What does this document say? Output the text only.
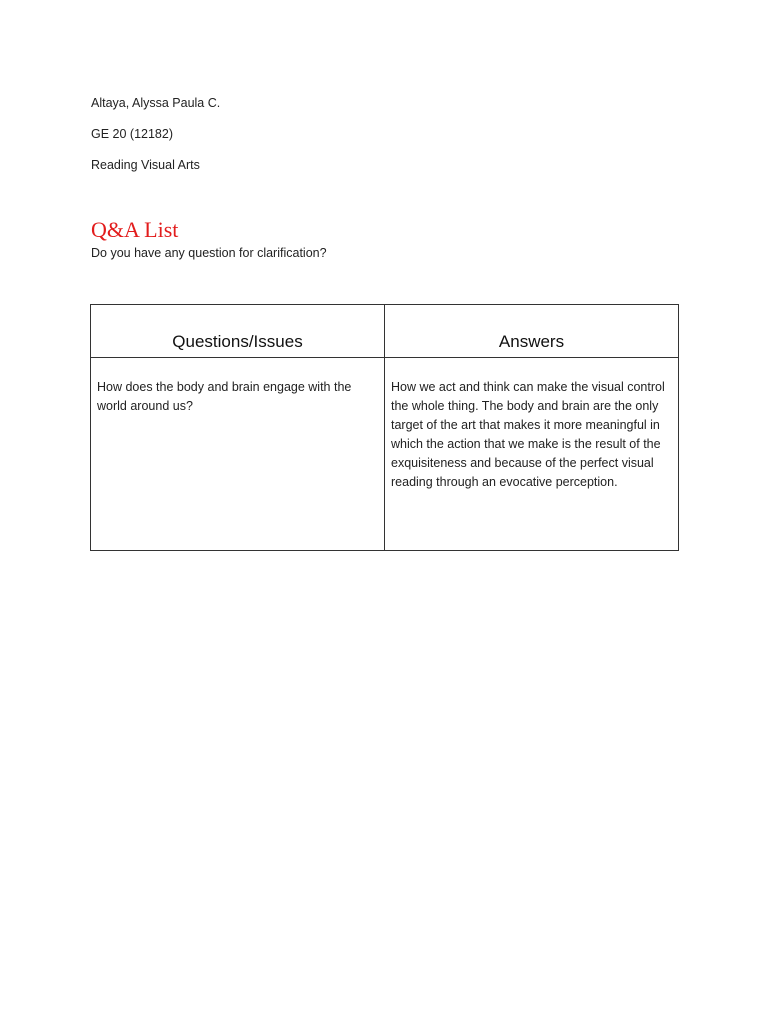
Altaya, Alyssa Paula C.
GE 20 (12182)
Reading Visual Arts
Q&A List
Do you have any question for clarification?
Questions/Issues	Answers

How does the body and brain engage with the world around us?	How we act and think can make the visual control the whole thing. The body and brain are the only target of the art that makes it more meaningful in which the action that we make is the result of the exquisiteness and because of the perfect visual reading through an evocative perception.
